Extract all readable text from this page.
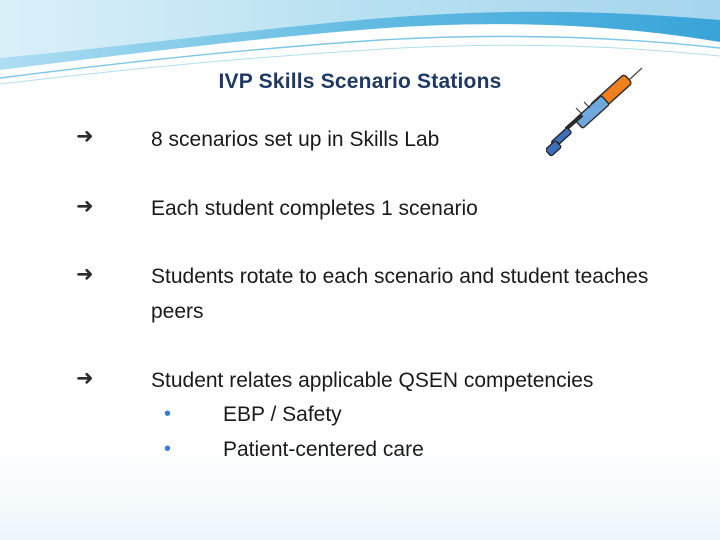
IVP Skills Scenario Stations
➜	8 scenarios set up in Skills Lab
➜	Each student completes 1 scenario
➜	Students rotate to each scenario and student teaches peers
➜	Student relates applicable QSEN competencies
• EBP / Safety
• Patient-centered care
